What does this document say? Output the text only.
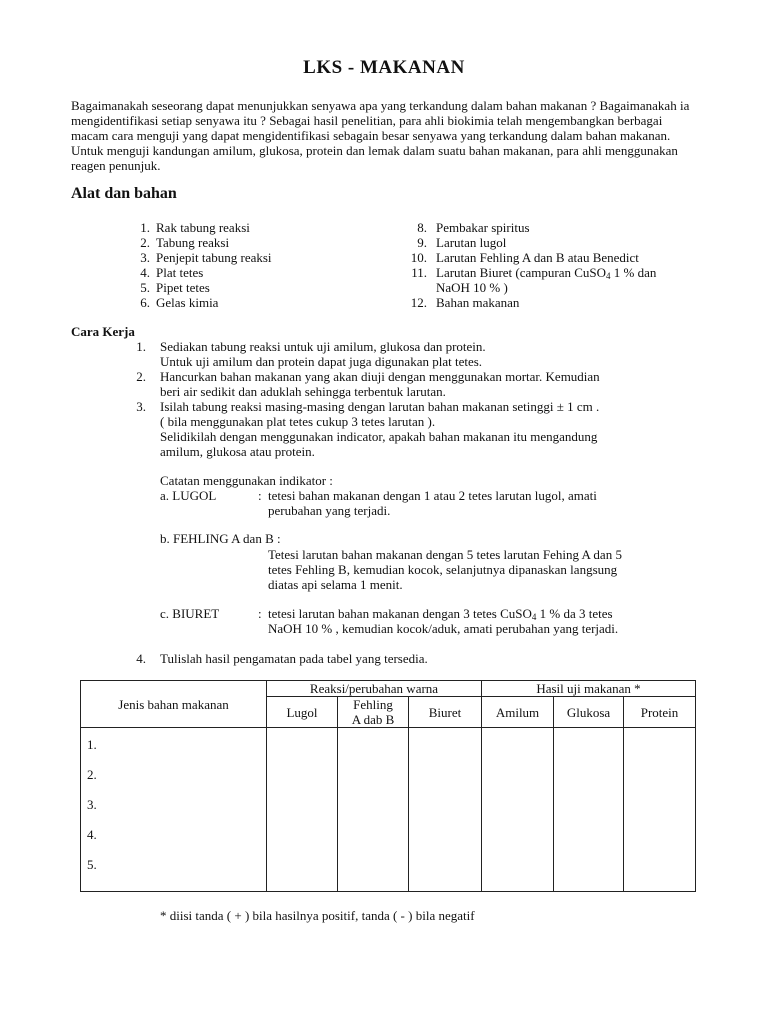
LKS - MAKANAN
Bagaimanakah seseorang dapat menunjukkan senyawa apa yang terkandung dalam bahan makanan ? Bagaimanakah ia mengidentifikasi setiap senyawa itu ? Sebagai hasil penelitian, para ahli biokimia telah mengembangkan berbagai macam cara menguji yang dapat mengidentifikasi sebagain besar senyawa yang terkandung dalam bahan makanan. Untuk menguji kandungan amilum, glukosa, protein dan lemak dalam suatu bahan makanan, para ahli menggunakan reagen penunjuk.
Alat dan bahan
1. Rak tabung reaksi
2. Tabung reaksi
3. Penjepit tabung reaksi
4. Plat tetes
5. Pipet tetes
6. Gelas kimia
8. Pembakar spiritus
9. Larutan lugol
10. Larutan Fehling A dan B atau Benedict
11. Larutan Biuret (campuran CuSO$_4$ 1 % dan
NaOH 10 % )
12. Bahan makanan
Cara Kerja
1. Sediakan tabung reaksi untuk uji amilum, glukosa dan protein.
Untuk uji amilum dan protein dapat juga digunakan plat tetes.
2. Hancurkan bahan makanan yang akan diuji dengan menggunakan mortar. Kemudian
beri air sedikit dan aduklah sehingga terbentuk larutan.
3. Isilah tabung reaksi masing-masing dengan larutan bahan makanan setinggi ± 1 cm .
( bila menggunakan plat tetes cukup 3 tetes larutan ).
Selidikilah dengan menggunakan indicator, apakah bahan makanan itu mengandung
amilum, glukosa atau protein.
Catatan menggunakan indikator :
a. LUGOL	: tetesi bahan makanan dengan 1 atau 2 tetes larutan lugol, amati
perubahan yang terjadi.
b. FEHLING A dan B :
Tetesi larutan bahan makanan dengan 5 tetes larutan Fehing A dan 5
tetes Fehling B, kemudian kocok, selanjutnya dipanaskan langsung
diatas api selama 1 menit.
c. BIURET	: tetesi larutan bahan makanan dengan 3 tetes CuSO$_4$ 1 % da 3 tetes
NaOH 10 % , kemudian kocok/aduk, amati perubahan yang terjadi.
4. Tulislah hasil pengamatan pada tabel yang tersedia.
Jenis bahan makanan	Reaksi/perubahan warna			Hasil uji makanan *		
	Lugol	Fehling
A dab B	Biuret	Amilum	Glukosa	Protein

1.
2.
3.
4.
5.						

* diisi tanda ( + ) bila hasilnya positif, tanda ( - ) bila negatif
